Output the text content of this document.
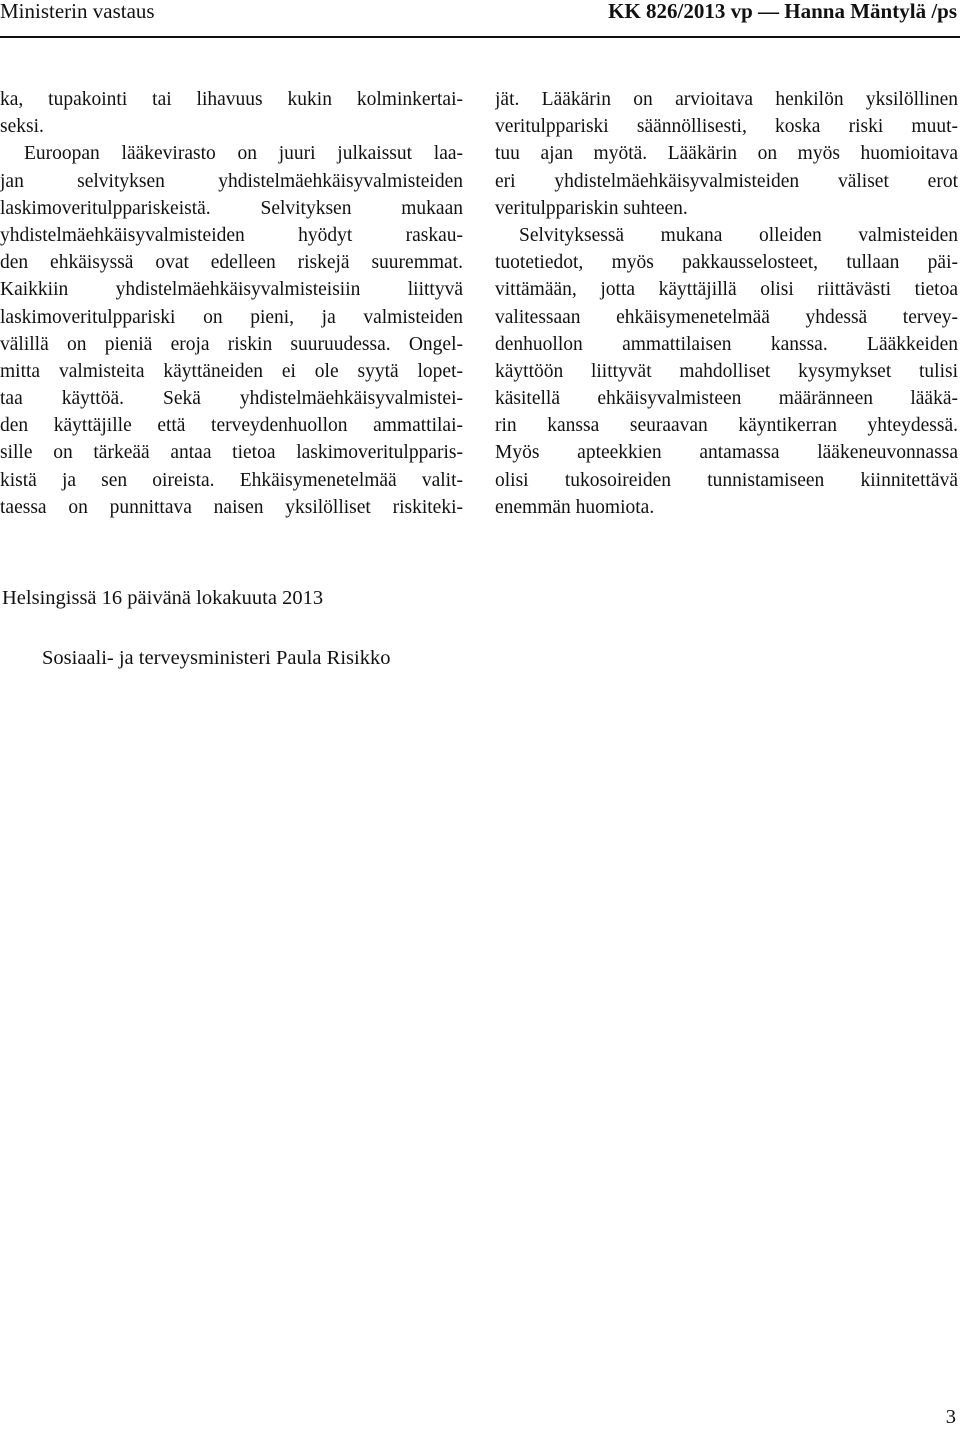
Ministerin vastaus	KK 826/2013 vp — Hanna Mäntylä /ps
ka, tupakointi tai lihavuus kukin kolminkertai-
seksi.
Euroopan lääkevirasto on juuri julkaissut laa-
jan selvityksen yhdistelmäehkäisyvalmisteiden
laskimoveritulppariskeistä. Selvityksen mukaan
yhdistelmäehkäisyvalmisteiden hyödyt raskau-
den ehkäisyssä ovat edelleen riskejä suuremmat.
Kaikkiin yhdistelmäehkäisyvalmisteisiin liittyvä
laskimoveritulppariski on pieni, ja valmisteiden
välillä on pieniä eroja riskin suuruudessa. Ongel-
mitta valmisteita käyttäneiden ei ole syytä lopet-
taa käyttöä. Sekä yhdistelmäehkäisyvalmistei-
den käyttäjille että terveydenhuollon ammattilai-
sille on tärkeää antaa tietoa laskimoveritulpparis-
kistä ja sen oireista. Ehkäisymenetelmää valit-
taessa on punnittava naisen yksilölliset riskiteki-
jät. Lääkärin on arvioitava henkilön yksilöllinen
veritulppariski säännöllisesti, koska riski muut-
tuu ajan myötä. Lääkärin on myös huomioitava
eri yhdistelmäehkäisyvalmisteiden väliset erot
veritulppariskin suhteen.
Selvityksessä mukana olleiden valmisteiden
tuotetiedot, myös pakkausselosteet, tullaan päi-
vittämään, jotta käyttäjillä olisi riittävästi tietoa
valitessaan ehkäisymenetelmää yhdessä tervey-
denhuollon ammattilaisen kanssa. Lääkkeiden
käyttöön liittyvät mahdolliset kysymykset tulisi
käsitellä ehkäisyvalmisteen määränneen lääkä-
rin kanssa seuraavan käyntikerran yhteydessä.
Myös apteekkien antamassa lääkeneuvonnassa
olisi tukosoireiden tunnistamiseen kiinnitettävä
enemmän huomiota.
Helsingissä 16 päivänä lokakuuta 2013
Sosiaali- ja terveysministeri Paula Risikko
3
